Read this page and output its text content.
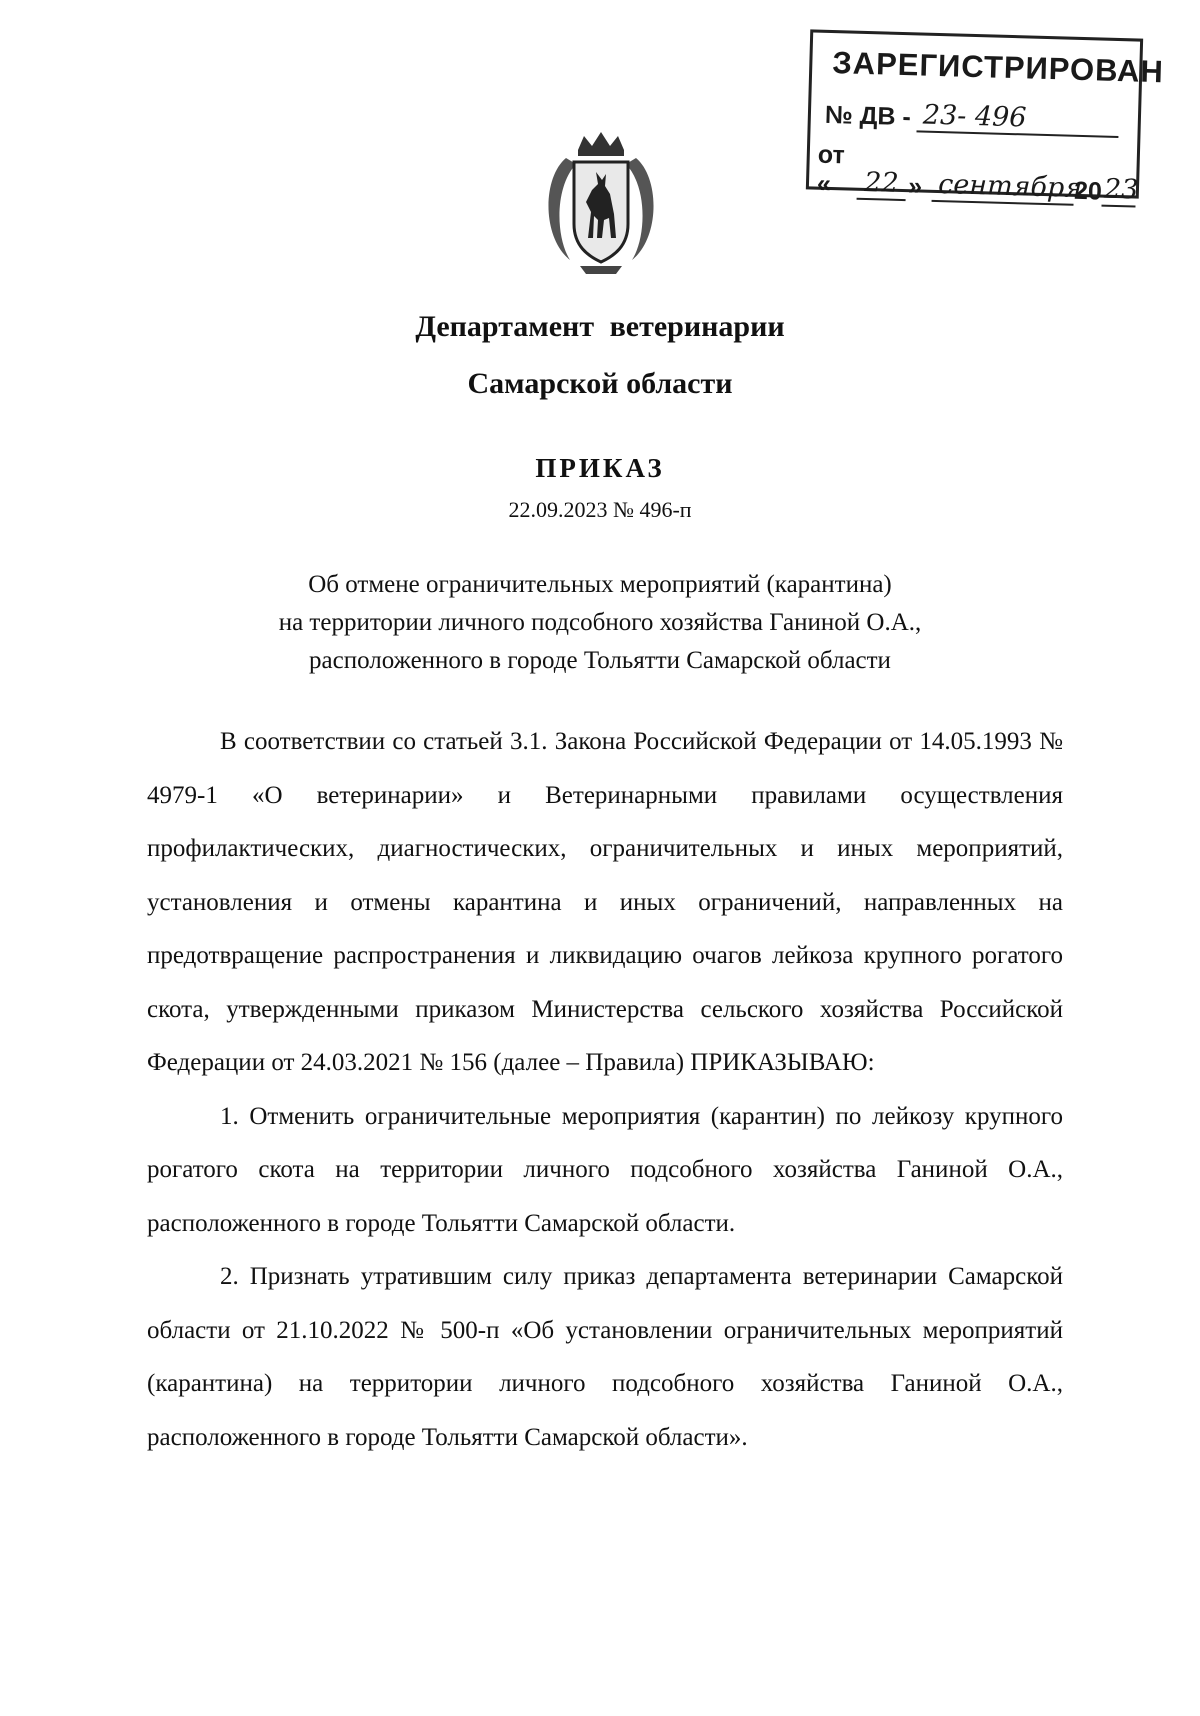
ЗАРЕГИСТРИРОВАН
№ ДВ - 23- 496
от «	22 » сентября
20 23
Департамент ветеринарии
Самарской области
ПРИКАЗ
22.09.2023 № 496-п
Об отмене ограничительных мероприятий (карантина)
на территории личного подсобного хозяйства Ганиной О.А.,
расположенного в городе Тольятти Самарской области

В соответствии со статьей 3.1. Закона Российской Федерации от 14.05.1993 № 4979-1 «О ветеринарии» и Ветеринарными правилами осуществления профилактических, диагностических, ограничительных и иных мероприятий, установления и отмены карантина и иных ограничений, направленных на предотвращение распространения и ликвидацию очагов лейкоза крупного рогатого скота, утвержденными приказом Министерства сельского хозяйства Российской Федерации от 24.03.2021 № 156 (далее – Правила) ПРИКАЗЫВАЮ:

1. Отменить ограничительные мероприятия (карантин) по лейкозу крупного рогатого скота на территории личного подсобного хозяйства Ганиной О.А., расположенного в городе Тольятти Самарской области.

2. Признать утратившим силу приказ департамента ветеринарии Самарской области от 21.10.2022 № 500-п «Об установлении ограничительных мероприятий (карантина) на территории личного подсобного хозяйства Ганиной О.А., расположенного в городе Тольятти Самарской области».
